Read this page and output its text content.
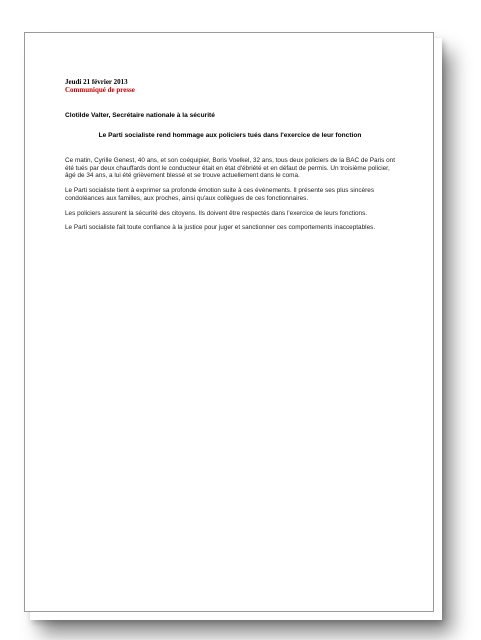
Jeudi 21 février 2013
Communiqué de presse
Clotilde Valter, Secrétaire nationale à la sécurité
Le Parti socialiste rend hommage aux policiers tués dans l'exercice de leur fonction

Ce matin, Cyrille Genest, 40 ans, et son coéquipier, Boris Voelkel, 32 ans, tous deux policiers de la BAC de Paris ont été tués par deux chauffards dont le conducteur était en état d'ébriété et en défaut de permis. Un troisième policier, âgé de 34 ans, a lui été grièvement blessé et se trouve actuellement dans le coma.

Le Parti socialiste tient à exprimer sa profonde émotion suite à ces événements. Il présente ses plus sincères condoléances aux familles, aux proches, ainsi qu'aux collègues de ces fonctionnaires.

Les policiers assurent la sécurité des citoyens. Ils doivent être respectés dans l'exercice de leurs fonctions.

Le Parti socialiste fait toute confiance à la justice pour juger et sanctionner ces comportements inacceptables.
